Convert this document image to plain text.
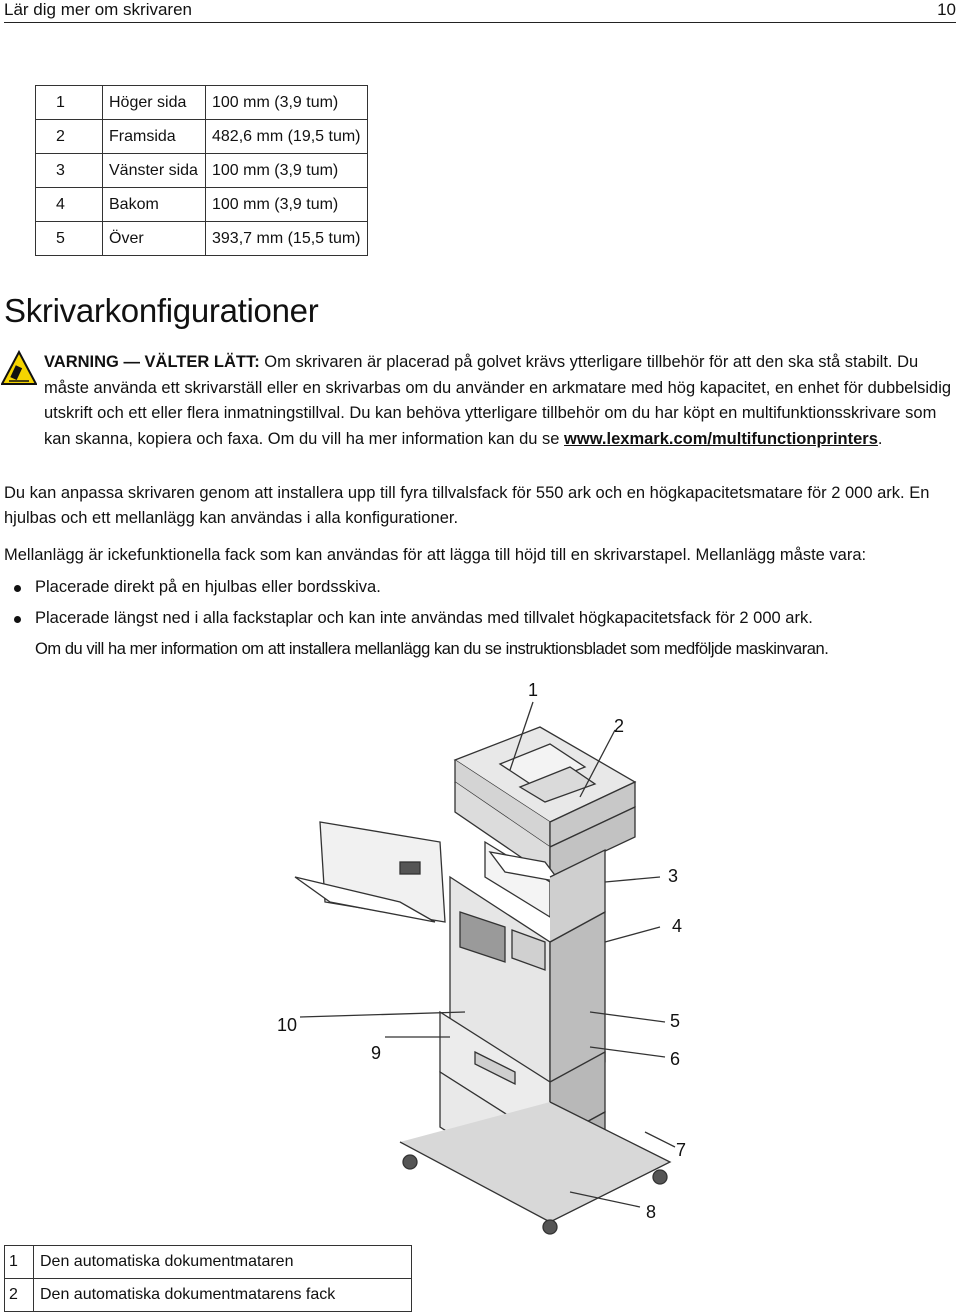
Lär dig mer om skrivaren	10
1	Höger sida	100 mm (3,9 tum)
2	Framsida	482,6 mm (19,5 tum)
3	Vänster sida	100 mm (3,9 tum)
4	Bakom	100 mm (3,9 tum)
5	Över	393,7 mm (15,5 tum)
Skrivarkonfigurationer
VARNING — VÄLTER LÄTT: Om skrivaren är placerad på golvet krävs ytterligare tillbehör för att den ska stå stabilt. Du måste använda ett skrivarställ eller en skrivarbas om du använder en arkmatare med hög kapacitet, en enhet för dubbelsidig utskrift och ett eller flera inmatningstillval. Du kan behöva ytterligare tillbehör om du har köpt en multifunktionsskrivare som kan skanna, kopiera och faxa. Om du vill ha mer information kan du se www.lexmark.com/multifunctionprinters.
Du kan anpassa skrivaren genom att installera upp till fyra tillvalsfack för 550 ark och en högkapacitetsmatare för 2 000 ark. En hjulbas och ett mellanlägg kan användas i alla konfigurationer.
Mellanlägg är ickefunktionella fack som kan användas för att lägga till höjd till en skrivarstapel. Mellanlägg måste vara:
Placerade direkt på en hjulbas eller bordsskiva.
Placerade längst ned i alla fackstaplar och kan inte användas med tillvalet högkapacitetsfack för 2 000 ark.
Om du vill ha mer information om att installera mellanlägg kan du se instruktionsbladet som medföljde maskinvaran.
1
2
3
4
5
6
7
8
9
10
1	Den automatiska dokumentmataren
2	Den automatiska dokumentmatarens fack
